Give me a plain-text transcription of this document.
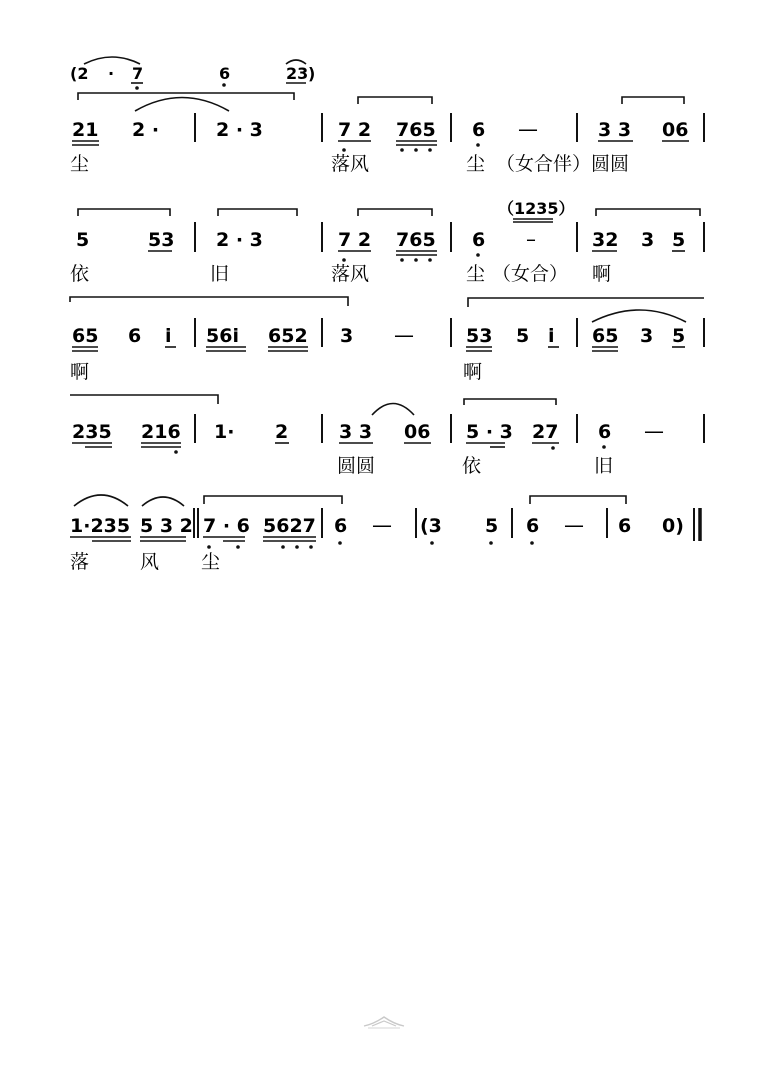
(2 · 7	6	23 )
21 2 ·	2 · 3	7 2 765 6 —	3 3 06
尘	落风	尘 （女合伴）圆圆
（1235）
5	53 2 · 3	7 2 765 6 –	32 3 5
依	旧	落风	尘 （女合） 啊
65 6 i 56i 652 3 —	53 5 i 65 3 5
啊	啊
235 216 1· 2	3 3 06 5 · 3 27 6 —
圆圆	依	旧
1·235 5 3 2 7 · 6 5627 6 — (3 5 6 — 6 0)
落	风 尘
